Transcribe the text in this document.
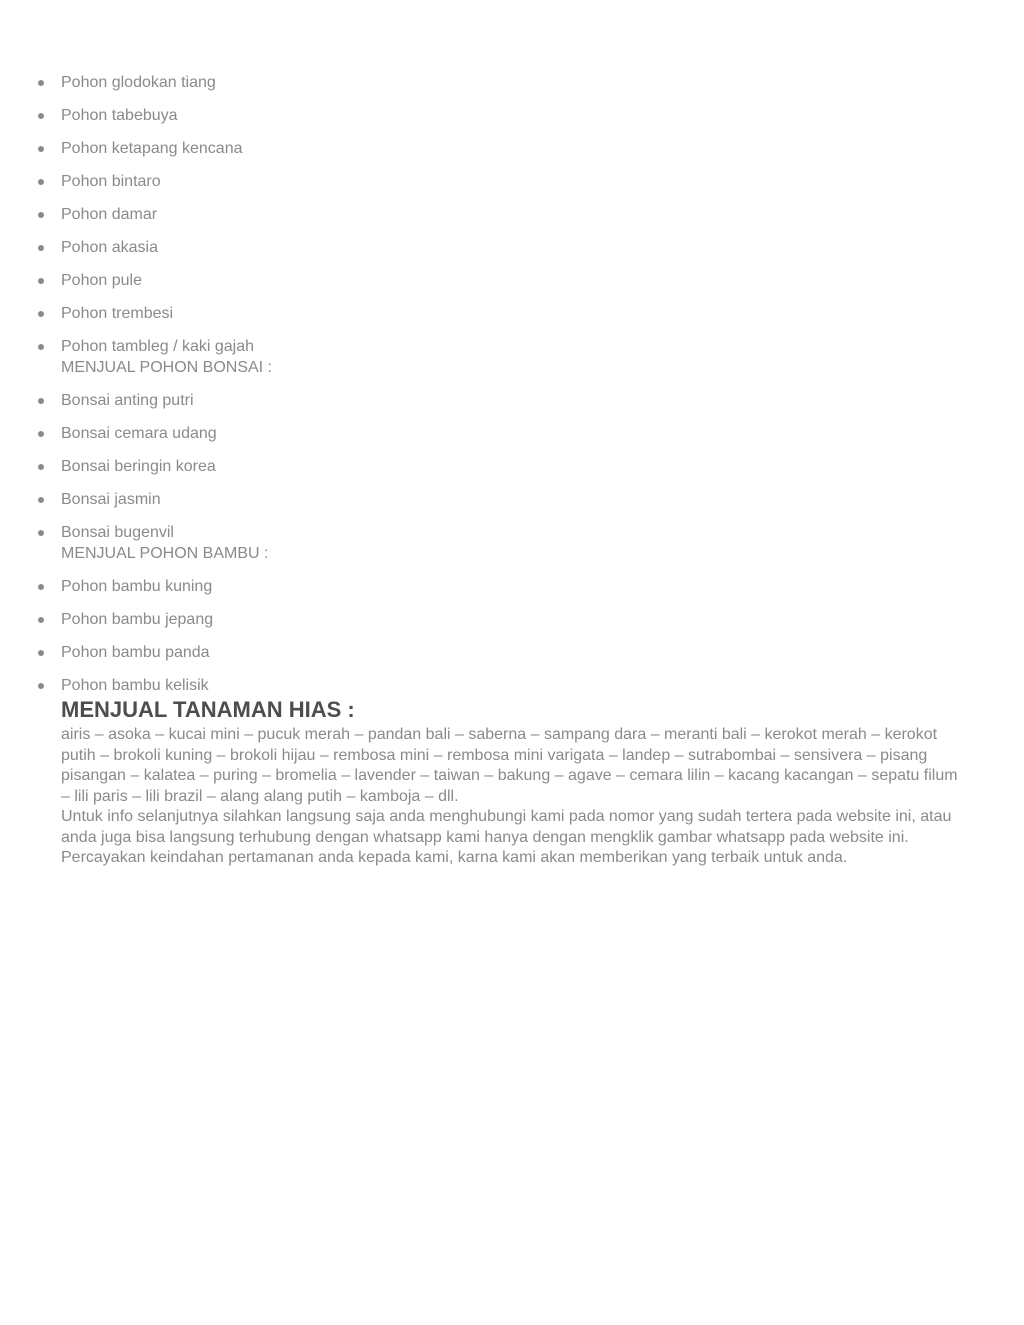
Pohon glodokan tiang
Pohon tabebuya
Pohon ketapang kencana
Pohon bintaro
Pohon damar
Pohon akasia
Pohon pule
Pohon trembesi
Pohon tambleg / kaki gajah
MENJUAL POHON BONSAI :
Bonsai anting putri
Bonsai cemara udang
Bonsai beringin korea
Bonsai jasmin
Bonsai bugenvil
MENJUAL POHON BAMBU :
Pohon bambu kuning
Pohon bambu jepang
Pohon bambu panda
Pohon bambu kelisik
MENJUAL TANAMAN HIAS :
airis – asoka – kucai mini – pucuk merah – pandan bali – saberna – sampang dara – meranti bali – kerokot merah – kerokot putih – brokoli kuning – brokoli hijau – rembosa mini – rembosa mini varigata – landep – sutrabombai – sensivera – pisang pisangan – kalatea – puring – bromelia – lavender – taiwan – bakung – agave – cemara lilin – kacang kacangan – sepatu filum – lili paris – lili brazil – alang alang putih – kamboja – dll.
Untuk info selanjutnya silahkan langsung saja anda menghubungi kami pada nomor yang sudah tertera pada website ini, atau anda juga bisa langsung terhubung dengan whatsapp kami hanya dengan mengklik gambar whatsapp pada website ini. Percayakan keindahan pertamanan anda kepada kami, karna kami akan memberikan yang terbaik untuk anda.
